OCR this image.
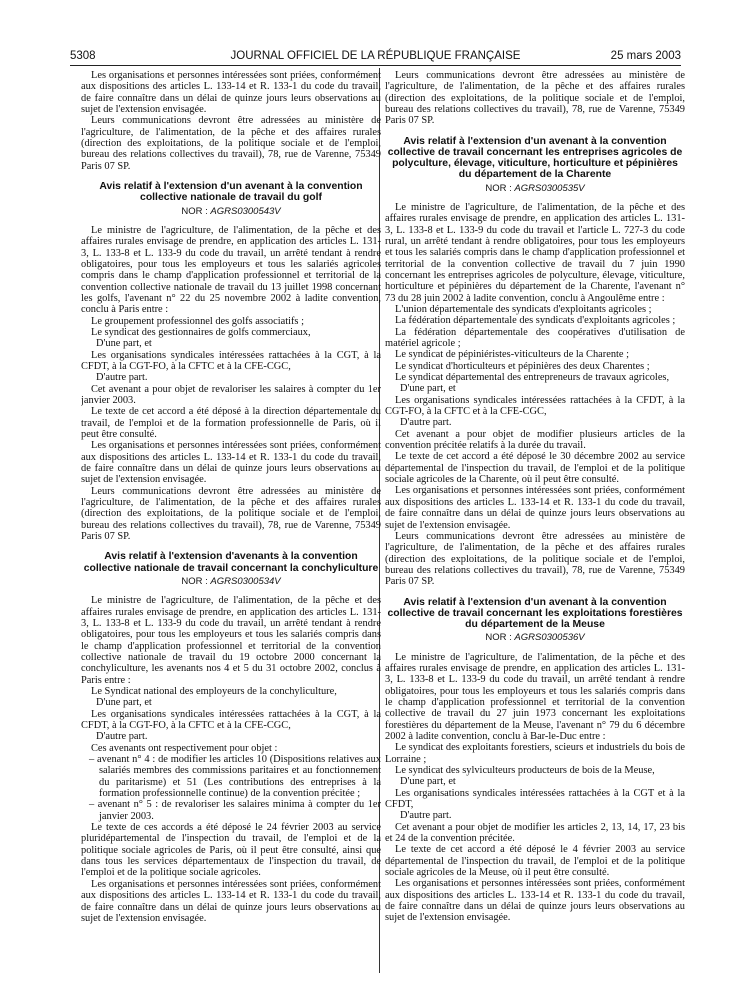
5308	JOURNAL OFFICIEL DE LA RÉPUBLIQUE FRANÇAISE	25 mars 2003

Les organisations et personnes intéressées sont priées, conformément aux dispositions des articles L. 133-14 et R. 133-1 du code du travail, de faire connaître dans un délai de quinze jours leurs observations au sujet de l'extension envisagée.

Leurs communications devront être adressées au ministère de l'agriculture, de l'alimentation, de la pêche et des affaires rurales (direction des exploitations, de la politique sociale et de l'emploi, bureau des relations collectives du travail), 78, rue de Varenne, 75349 Paris 07 SP.

Avis relatif à l'extension d'un avenant à la convention collective nationale de travail du golf
NOR : AGRS0300543V

Le ministre de l'agriculture, de l'alimentation, de la pêche et des affaires rurales envisage de prendre, en application des articles L. 131-3, L. 133-8 et L. 133-9 du code du travail, un arrêté tendant à rendre obligatoires, pour tous les employeurs et tous les salariés agricoles compris dans le champ d'application professionnel et territorial de la convention collective nationale de travail du 13 juillet 1998 concernant les golfs, l'avenant n° 22 du 25 novembre 2002 à ladite convention, conclu à Paris entre :

Le groupement professionnel des golfs associatifs ;

Le syndicat des gestionnaires de golfs commerciaux,

D'une part, et

Les organisations syndicales intéressées rattachées à la CGT, à la CFDT, à la CGT-FO, à la CFTC et à la CFE-CGC,

D'autre part.

Cet avenant a pour objet de revaloriser les salaires à compter du 1er janvier 2003.

Le texte de cet accord a été déposé à la direction départementale du travail, de l'emploi et de la formation professionnelle de Paris, où il peut être consulté.

Les organisations et personnes intéressées sont priées, conformément aux dispositions des articles L. 133-14 et R. 133-1 du code du travail, de faire connaître dans un délai de quinze jours leurs observations au sujet de l'extension envisagée.

Leurs communications devront être adressées au ministère de l'agriculture, de l'alimentation, de la pêche et des affaires rurales (direction des exploitations, de la politique sociale et de l'emploi, bureau des relations collectives du travail), 78, rue de Varenne, 75349 Paris 07 SP.

Avis relatif à l'extension d'avenants à la convention collective nationale de travail concernant la conchyliculture
NOR : AGRS0300534V

Le ministre de l'agriculture, de l'alimentation, de la pêche et des affaires rurales envisage de prendre, en application des articles L. 131-3, L. 133-8 et L. 133-9 du code du travail, un arrêté tendant à rendre obligatoires, pour tous les employeurs et tous les salariés compris dans le champ d'application professionnel et territorial de la convention collective nationale de travail du 19 octobre 2000 concernant la conchyliculture, les avenants nos 4 et 5 du 31 octobre 2002, conclus à Paris entre :

Le Syndicat national des employeurs de la conchyliculture,

D'une part, et

Les organisations syndicales intéressées rattachées à la CGT, à la CFDT, à la CGT-FO, à la CFTC et à la CFE-CGC,

D'autre part.

Ces avenants ont respectivement pour objet :

– avenant n° 4 : de modifier les articles 10 (Dispositions relatives aux salariés membres des commissions paritaires et au fonctionnement du paritarisme) et 51 (Les contributions des entreprises à la formation professionnelle continue) de la convention précitée ;

– avenant n° 5 : de revaloriser les salaires minima à compter du 1er janvier 2003.

Le texte de ces accords a été déposé le 24 février 2003 au service pluridépartemental de l'inspection du travail, de l'emploi et de la politique sociale agricoles de Paris, où il peut être consulté, ainsi que dans tous les services départementaux de l'inspection du travail, de l'emploi et de la politique sociale agricoles.

Les organisations et personnes intéressées sont priées, conformément aux dispositions des articles L. 133-14 et R. 133-1 du code du travail, de faire connaître dans un délai de quinze jours leurs observations au sujet de l'extension envisagée.

Leurs communications devront être adressées au ministère de l'agriculture, de l'alimentation, de la pêche et des affaires rurales (direction des exploitations, de la politique sociale et de l'emploi, bureau des relations collectives du travail), 78, rue de Varenne, 75349 Paris 07 SP.

Avis relatif à l'extension d'un avenant à la convention collective de travail concernant les entreprises agricoles de polyculture, élevage, viticulture, horticulture et pépinières du département de la Charente
NOR : AGRS0300535V

Le ministre de l'agriculture, de l'alimentation, de la pêche et des affaires rurales envisage de prendre, en application des articles L. 131-3, L. 133-8 et L. 133-9 du code du travail et l'article L. 727-3 du code rural, un arrêté tendant à rendre obligatoires, pour tous les employeurs et tous les salariés compris dans le champ d'application professionnel et territorial de la convention collective de travail du 7 juin 1990 concernant les entreprises agricoles de polyculture, élevage, viticulture, horticulture et pépinières du département de la Charente, l'avenant n° 73 du 28 juin 2002 à ladite convention, conclu à Angoulême entre :

L'union départementale des syndicats d'exploitants agricoles ;

La fédération départementale des syndicats d'exploitants agricoles ;

La fédération départementale des coopératives d'utilisation de matériel agricole ;

Le syndicat de pépiniéristes-viticulteurs de la Charente ;

Le syndicat d'horticulteurs et pépinières des deux Charentes ;

Le syndicat départemental des entrepreneurs de travaux agricoles,

D'une part, et

Les organisations syndicales intéressées rattachées à la CFDT, à la CGT-FO, à la CFTC et à la CFE-CGC,

D'autre part.

Cet avenant a pour objet de modifier plusieurs articles de la convention précitée relatifs à la durée du travail.

Le texte de cet accord a été déposé le 30 décembre 2002 au service départemental de l'inspection du travail, de l'emploi et de la politique sociale agricoles de la Charente, où il peut être consulté.

Les organisations et personnes intéressées sont priées, conformément aux dispositions des articles L. 133-14 et R. 133-1 du code du travail, de faire connaître dans un délai de quinze jours leurs observations au sujet de l'extension envisagée.

Leurs communications devront être adressées au ministère de l'agriculture, de l'alimentation, de la pêche et des affaires rurales (direction des exploitations, de la politique sociale et de l'emploi, bureau des relations collectives du travail), 78, rue de Varenne, 75349 Paris 07 SP.

Avis relatif à l'extension d'un avenant à la convention collective de travail concernant les exploitations forestières du département de la Meuse
NOR : AGRS0300536V

Le ministre de l'agriculture, de l'alimentation, de la pêche et des affaires rurales envisage de prendre, en application des articles L. 131-3, L. 133-8 et L. 133-9 du code du travail, un arrêté tendant à rendre obligatoires, pour tous les employeurs et tous les salariés compris dans le champ d'application professionnel et territorial de la convention collective de travail du 27 juin 1973 concernant les exploitations forestières du département de la Meuse, l'avenant n° 79 du 6 décembre 2002 à ladite convention, conclu à Bar-le-Duc entre :

Le syndicat des exploitants forestiers, scieurs et industriels du bois de Lorraine ;

Le syndicat des sylviculteurs producteurs de bois de la Meuse,

D'une part, et

Les organisations syndicales intéressées rattachées à la CGT et à la CFDT,

D'autre part.

Cet avenant a pour objet de modifier les articles 2, 13, 14, 17, 23 bis et 24 de la convention précitée.

Le texte de cet accord a été déposé le 4 février 2003 au service départemental de l'inspection du travail, de l'emploi et de la politique sociale agricoles de la Meuse, où il peut être consulté.

Les organisations et personnes intéressées sont priées, conformément aux dispositions des articles L. 133-14 et R. 133-1 du code du travail, de faire connaître dans un délai de quinze jours leurs observations au sujet de l'extension envisagée.
